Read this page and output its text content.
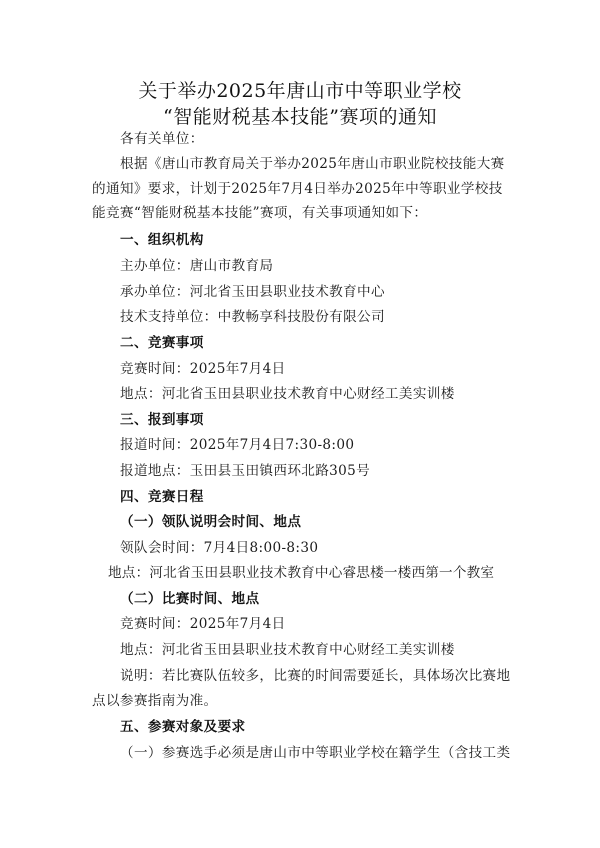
关于举办2025年唐山市中等职业学校
“智能财税基本技能”赛项的通知
各有关单位：
根据《唐山市教育局关于举办2025年唐山市职业院校技能大赛
的通知》要求，计划于2025年7月4日举办2025年中等职业学校技
能竞赛“智能财税基本技能”赛项，有关事项通知如下：
一、组织机构
主办单位：唐山市教育局
承办单位：河北省玉田县职业技术教育中心
技术支持单位：中教畅享科技股份有限公司
二、竞赛事项
竞赛时间：2025年7月4日
地点：河北省玉田县职业技术教育中心财经工美实训楼
三、报到事项
报道时间：2025年7月4日7:30-8:00
报道地点：玉田县玉田镇西环北路305号
四、竞赛日程
（一）领队说明会时间、地点
领队会时间：7月4日8:00-8:30
地点：河北省玉田县职业技术教育中心睿思楼一楼西第一个教室
（二）比赛时间、地点
竞赛时间：2025年7月4日
地点：河北省玉田县职业技术教育中心财经工美实训楼
说明：若比赛队伍较多，比赛的时间需要延长，具体场次比赛地
点以参赛指南为准。
五、参赛对象及要求
（一）参赛选手必须是唐山市中等职业学校在籍学生（含技工类
